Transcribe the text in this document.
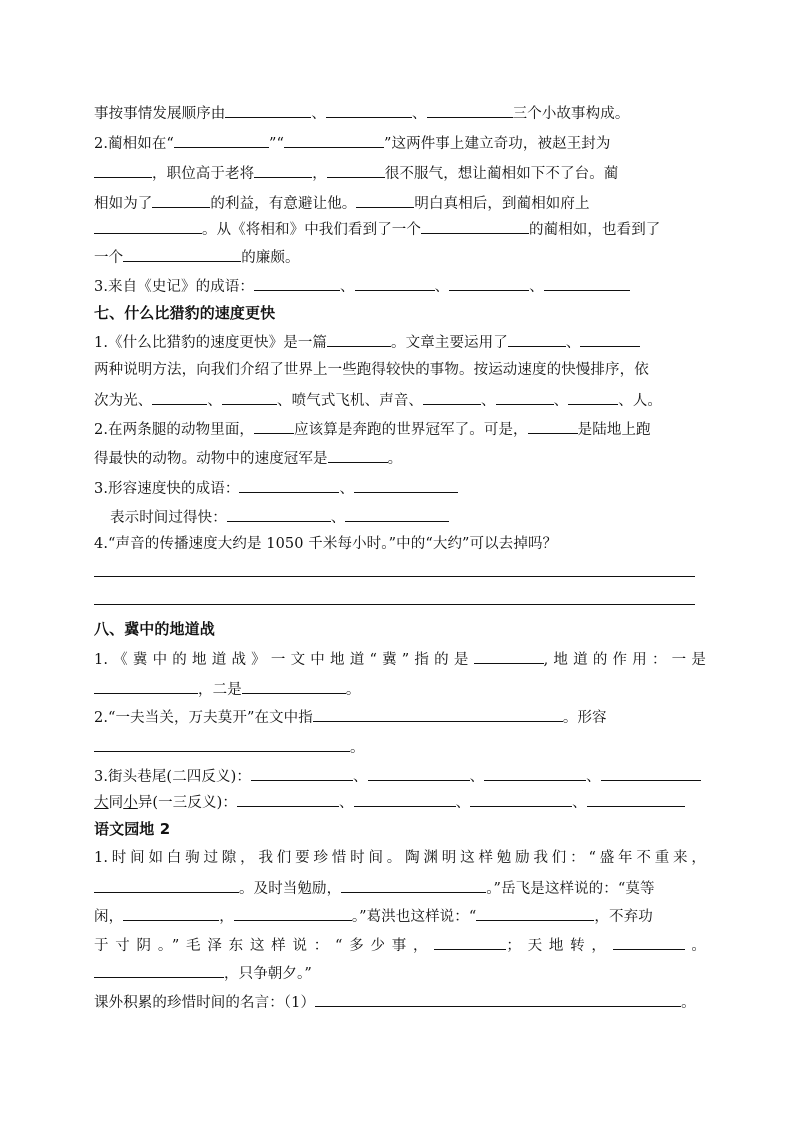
事按事情发展顺序由	、	、	三个小故事构成。
2.蔺相如在“	”“	”这两件事上建立奇功，被赵王封为
，职位高于老将	，	很不服气，想让蔺相如下不了台。蔺
相如为了	的利益，有意避让他。	明白真相后，到蔺相如府上
。从《将相和》中我们看到了一个	的蔺相如，也看到了
一个	的廉颇。
3.来自《史记》的成语：	、	、	、
七、什么比猎豹的速度更快
1.《什么比猎豹的速度更快》是一篇	。文章主要运用了	、
两种说明方法，向我们介绍了世界上一些跑得较快的事物。按运动速度的快慢排序，依
次为光、	、	、喷气式飞机、声音、	、	、	、人。
2.在两条腿的动物里面，	应该算是奔跑的世界冠军了。可是，	是陆地上跑
得最快的动物。动物中的速度冠军是	。
3.形容速度快的成语：	、
表示时间过得快：	、
4.“声音的传播速度大约是 1050 千米每小时。”中的“大约”可以去掉吗？
八、冀中的地道战
1.《冀中的地道战》一文中地道“冀”指的是	,地道的作用：一是
，二是	。
2.“一夫当关，万夫莫开”在文中指	。形容
。
3.街头巷尾(二四反义)：	、	、	、
大同小异(一三反义)：	、	、	、
语文园地 2
1.时间如白驹过隙，我们要珍惜时间。陶渊明这样勉励我们：“盛年不重来，
。及时当勉励，	。”岳飞是这样说的：“莫等
闲，	，	。”葛洪也这样说：“	，不弃功
于寸阴。”毛泽东这样说：“多少事，	；天地转，	。
，只争朝夕。”
课外积累的珍惜时间的名言：（1）	。
